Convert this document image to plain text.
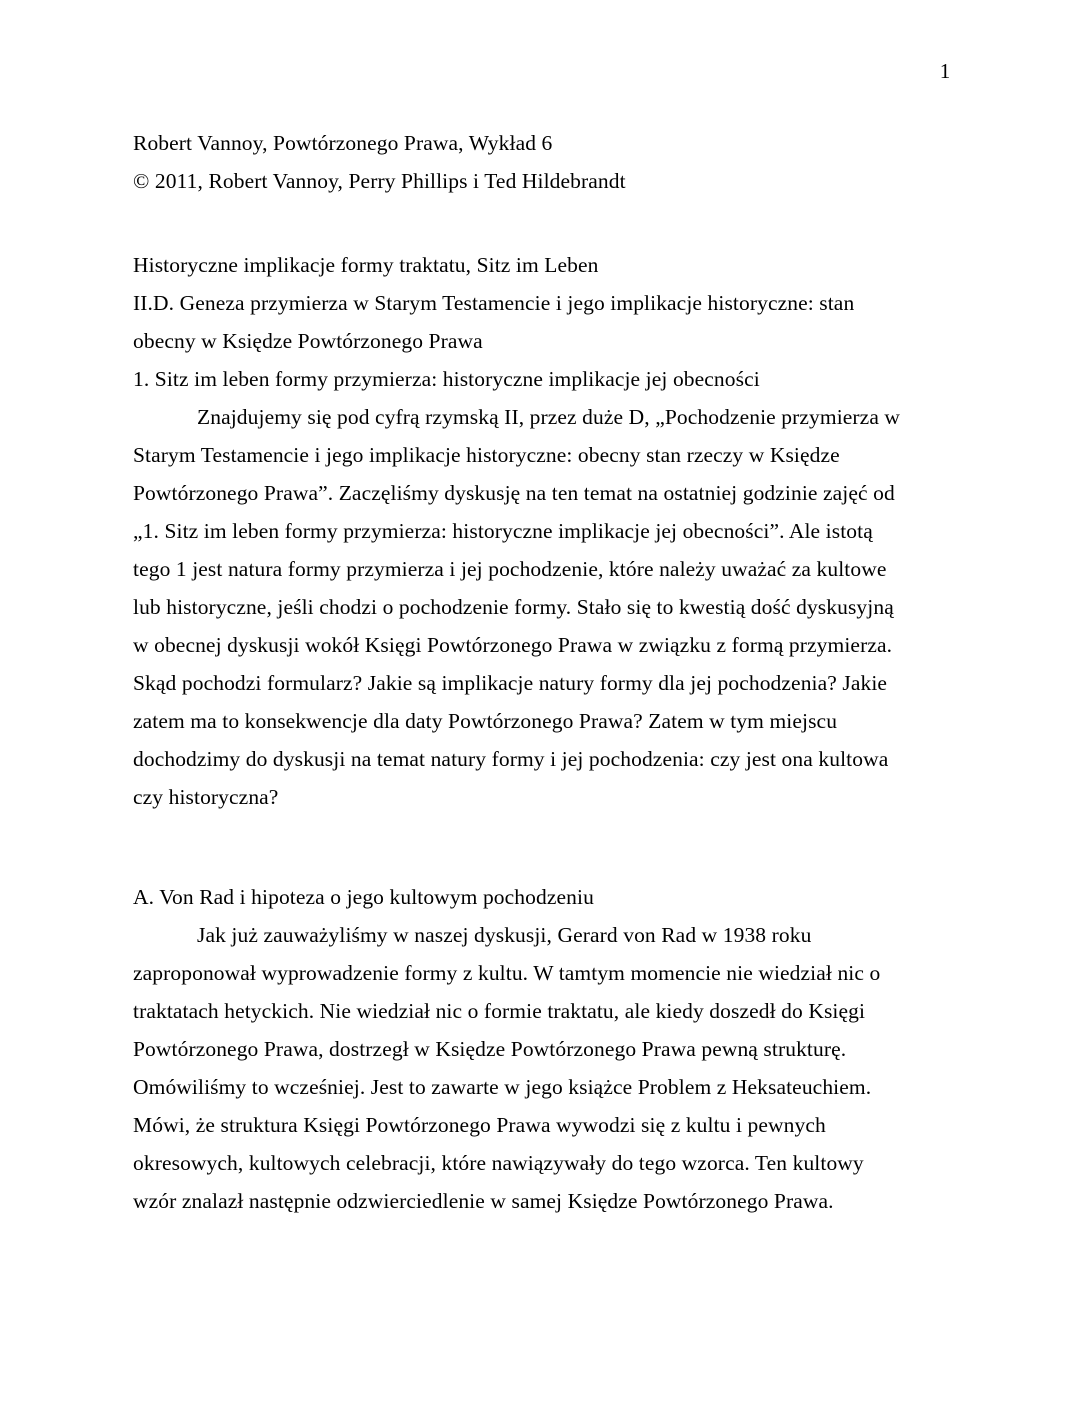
1
Robert Vannoy, Powtórzonego Prawa, Wykład 6
© 2011, Robert Vannoy, Perry Phillips i Ted Hildebrandt
Historyczne implikacje formy traktatu, Sitz im Leben
II.D. Geneza przymierza w Starym Testamencie i jego implikacje historyczne: stan
obecny w Księdze Powtórzonego Prawa
1. Sitz im leben formy przymierza: historyczne implikacje jej obecności
Znajdujemy się pod cyfrą rzymską II, przez duże D, „Pochodzenie przymierza w
Starym Testamencie i jego implikacje historyczne: obecny stan rzeczy w Księdze
Powtórzonego Prawa”. Zaczęliśmy dyskusję na ten temat na ostatniej godzinie zajęć od
„1. Sitz im leben formy przymierza: historyczne implikacje jej obecności”. Ale istotą
tego 1 jest natura formy przymierza i jej pochodzenie, które należy uważać za kultowe
lub historyczne, jeśli chodzi o pochodzenie formy. Stało się to kwestią dość dyskusyjną
w obecnej dyskusji wokół Księgi Powtórzonego Prawa w związku z formą przymierza.
Skąd pochodzi formularz? Jakie są implikacje natury formy dla jej pochodzenia? Jakie
zatem ma to konsekwencje dla daty Powtórzonego Prawa? Zatem w tym miejscu
dochodzimy do dyskusji na temat natury formy i jej pochodzenia: czy jest ona kultowa
czy historyczna?
A. Von Rad i hipoteza o jego kultowym pochodzeniu
Jak już zauważyliśmy w naszej dyskusji, Gerard von Rad w 1938 roku
zaproponował wyprowadzenie formy z kultu. W tamtym momencie nie wiedział nic o
traktatach hetyckich. Nie wiedział nic o formie traktatu, ale kiedy doszedł do Księgi
Powtórzonego Prawa, dostrzegł w Księdze Powtórzonego Prawa pewną strukturę.
Omówiliśmy to wcześniej. Jest to zawarte w jego książce Problem z Heksateuchiem.
Mówi, że struktura Księgi Powtórzonego Prawa wywodzi się z kultu i pewnych
okresowych, kultowych celebracji, które nawiązywały do tego wzorca. Ten kultowy
wzór znalazł następnie odzwierciedlenie w samej Księdze Powtórzonego Prawa.
